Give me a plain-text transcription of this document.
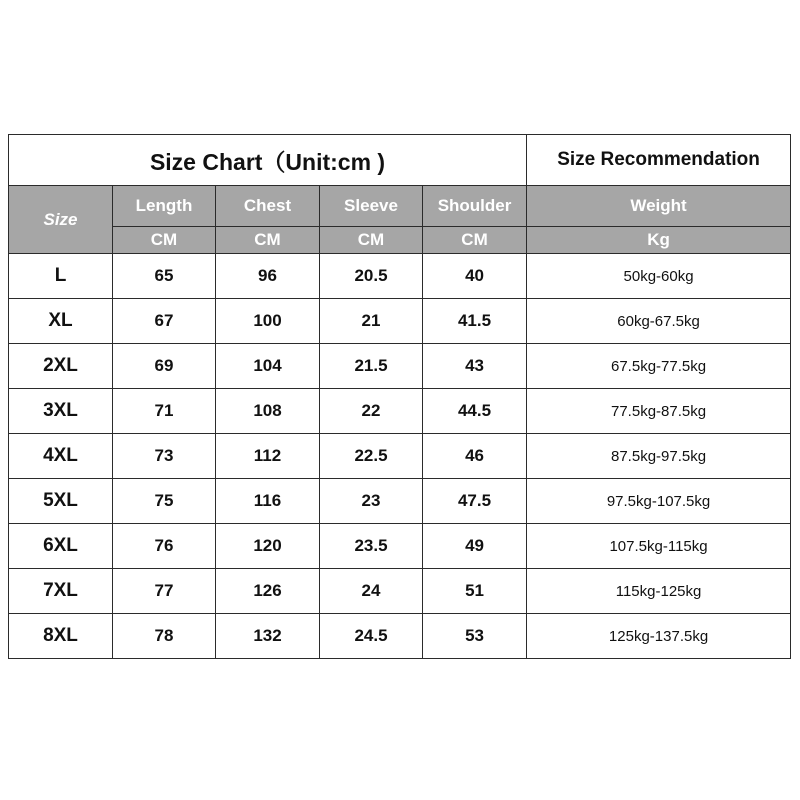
Size Chart（Unit:cm )					Size Recommendation
Size	Length	Chest	Sleeve	Shoulder	Weight
	CM	CM	CM	CM	Kg
L	65	96	20.5	40	50kg-60kg
XL	67	100	21	41.5	60kg-67.5kg
2XL	69	104	21.5	43	67.5kg-77.5kg
3XL	71	108	22	44.5	77.5kg-87.5kg
4XL	73	112	22.5	46	87.5kg-97.5kg
5XL	75	116	23	47.5	97.5kg-107.5kg
6XL	76	120	23.5	49	107.5kg-115kg
7XL	77	126	24	51	115kg-125kg
8XL	78	132	24.5	53	125kg-137.5kg
